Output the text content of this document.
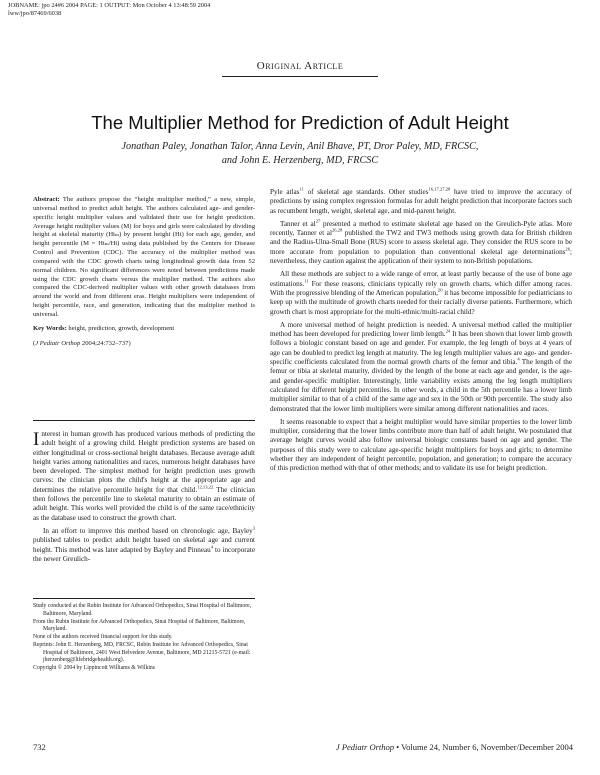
JOBNAME: jpo 24#6 2004 PAGE: 1 OUTPUT: Mon October 4 13:48:59 2004
lww/jpo/87469/6038
Original Article
The Multiplier Method for Prediction of Adult Height
Jonathan Paley, Jonathan Talor, Anna Levin, Anil Bhave, PT, Dror Paley, MD, FRCSC,
and John E. Herzenberg, MD, FRCSC

Abstract: The authors propose the “height multiplier method,” a new, simple, universal method to predict adult height. The authors calculated age- and gender-specific height multiplier values and validated their use for height prediction. Average height multiplier values (M) for boys and girls were calculated by dividing height at skeletal maturity (Htₘ) by present height (Ht) for each age, gender, and height percentile (M = Htₘ/Ht) using data published by the Centers for Disease Control and Prevention (CDC). The accuracy of the multiplier method was compared with the CDC growth charts using longitudinal growth data from 52 normal children. No significant differences were noted between predictions made using the CDC growth charts versus the multiplier method. The authors also compared the CDC-derived multiplier values with other growth databases from around the world and from different eras. Height multipliers were independent of height percentile, race, and generation, indicating that the multiplier method is universal.

Key Words: height, prediction, growth, development

(J Pediatr Orthop 2004;24:732–737)

Interest in human growth has produced various methods of predicting the adult height of a growing child. Height prediction systems are based on either longitudinal or cross-sectional height databases. Because average adult height varies among nationalities and races, numerous height databases have been developed. The simplest method for height prediction uses growth curves: the clinician plots the child's height at the appropriate age and determines the relative percentile height for that child.$^{12,13,22}$ The clinician then follows the percentile line to skeletal maturity to obtain an estimate of adult height. This works well provided the child is of the same race/ethnicity as the database used to construct the growth chart.

In an effort to improve this method based on chronologic age, Bayley$^3$ published tables to predict adult height based on skeletal age and current height. This method was later adapted by Bayley and Pinneau$^4$ to incorporate the newer Greulich-

Study conducted at the Rubin Institute for Advanced Orthopedics, Sinai Hospital of Baltimore, Baltimore, Maryland.
From the Rubin Institute for Advanced Orthopedics, Sinai Hospital of Baltimore, Baltimore, Maryland.
None of the authors received financial support for this study.
Reprints: John E. Herzenberg, MD, FRCSC, Rubin Institute for Advanced Orthopedics, Sinai Hospital of Baltimore, 2401 West Belvedere Avenue, Baltimore, MD 21215-5721 (e-mail: jherzenberg@lifebridgehealth.org).
Copyright © 2004 by Lippincott Williams & Wilkins

Pyle atlas$^{11}$ of skeletal age standards. Other studies$^{16,17,27,28}$ have tried to improve the accuracy of predictions by using complex regression formulas for adult height prediction that incorporate factors such as recumbent length, weight, skeletal age, and mid-parent height.

Tanner et $al^{27}$ presented a method to estimate skeletal age based on the Greulich-Pyle atlas. More recently, Tanner et al$^{26,28}$ published the TW2 and TW3 methods using growth data for British children and the Radius-Ulna-Small Bone (RUS) score to assess skeletal age. They consider the RUS score to be more accurate from population to population than conventional skeletal age determinations$^{26}$; nevertheless, they caution against the application of their system to non-British populations.

All these methods are subject to a wide range of error, at least partly because of the use of bone age estimations.$^{11}$ For these reasons, clinicians typically rely on growth charts, which differ among races. With the progressive blending of the American population,$^{20}$ it has become impossible for pediatricians to keep up with the multitude of growth charts needed for their racially diverse patients. Furthermore, which growth chart is most appropriate for the multi-ethnic/multi-racial child?

A more universal method of height prediction is needed. A universal method called the multiplier method has been developed for predicting lower limb length.$^{24}$ It has been shown that lower limb growth follows a biologic constant based on age and gender. For example, the leg length of boys at 4 years of age can be doubled to predict leg length at maturity. The leg length multiplier values are age- and gender-specific coefficients calculated from the normal growth charts of the femur and tibia.$^4$ The length of the femur or tibia at skeletal maturity, divided by the length of the bone at each age and gender, is the age- and gender-specific multiplier. Interestingly, little variability exists among the leg length multipliers calculated for different height percentiles. In other words, a child in the 5th percentile has a lower limb multiplier similar to that of a child of the same age and sex in the 50th or 90th percentile. The study also demonstrated that the lower limb multipliers were similar among different nationalities and races.

It seems reasonable to expect that a height multiplier would have similar properties to the lower limb multiplier, considering that the lower limbs contribute more than half of adult height. We postulated that average height curves would also follow universal biologic constants based on age and gender. The purposes of this study were to calculate age-specific height multipliers for boys and girls; to determine whether they are independent of height percentile, population, and generation; to compare the accuracy of this prediction method with that of other methods; and to validate its use for height prediction.

732	J Pediatr Orthop • Volume 24, Number 6, November/December 2004
